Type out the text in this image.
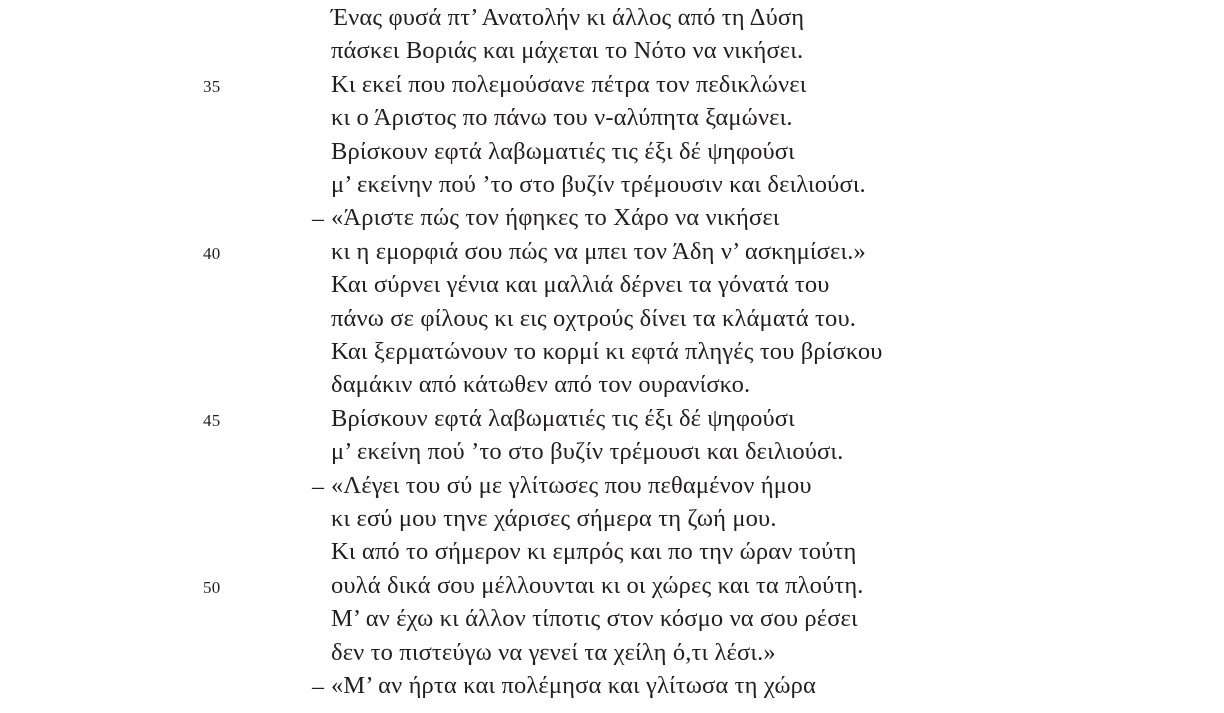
Ένας φυσά πτ’ Ανατολήν κι άλλος από τη Δύση
πάσκει Βοριάς και μάχεται το Νότο να νικήσει.
35	Κι εκεί που πολεμούσανε πέτρα τον πεδικλώνει
κι ο Άριστος πο πάνω του ν-αλύπητα ξαμώνει.
Βρίσκουν εφτά λαβωματιές τις έξι δέ ψηφούσι
μ’ εκείνην πού ’το στο βυζίν τρέμουσιν και δειλιούσι.
– «Άριστε πώς τον ήφηκες το Χάρο να νικήσει
40	κι η εμορφιά σου πώς να μπει τον Άδη ν’ ασκημίσει.»
Και σύρνει γένια και μαλλιά δέρνει τα γόνατά του
πάνω σε φίλους κι εις οχτρούς δίνει τα κλάματά του.
Και ξερματώνουν το κορμί κι εφτά πληγές του βρίσκου
δαμάκιν από κάτωθεν από τον ουρανίσκο.
45	Βρίσκουν εφτά λαβωματιές τις έξι δέ ψηφούσι
μ’ εκείνη πού ’το στο βυζίν τρέμουσι και δειλιούσι.
– «Λέγει του σύ με γλίτωσες που πεθαμένον ήμου
κι εσύ μου τηνε χάρισες σήμερα τη ζωή μου.
Κι από το σήμερον κι εμπρός και πο την ώραν τούτη
50	ουλά δικά σου μέλλουνται κι οι χώρες και τα πλούτη.
Μ’ αν έχω κι άλλον τίποτις στον κόσμο να σου ρέσει
δεν το πιστεύγω να γενεί τα χείλη ό,τι λέσι.»
– «Μ’ αν ήρτα και πολέμησα και γλίτωσα τη χώρα
